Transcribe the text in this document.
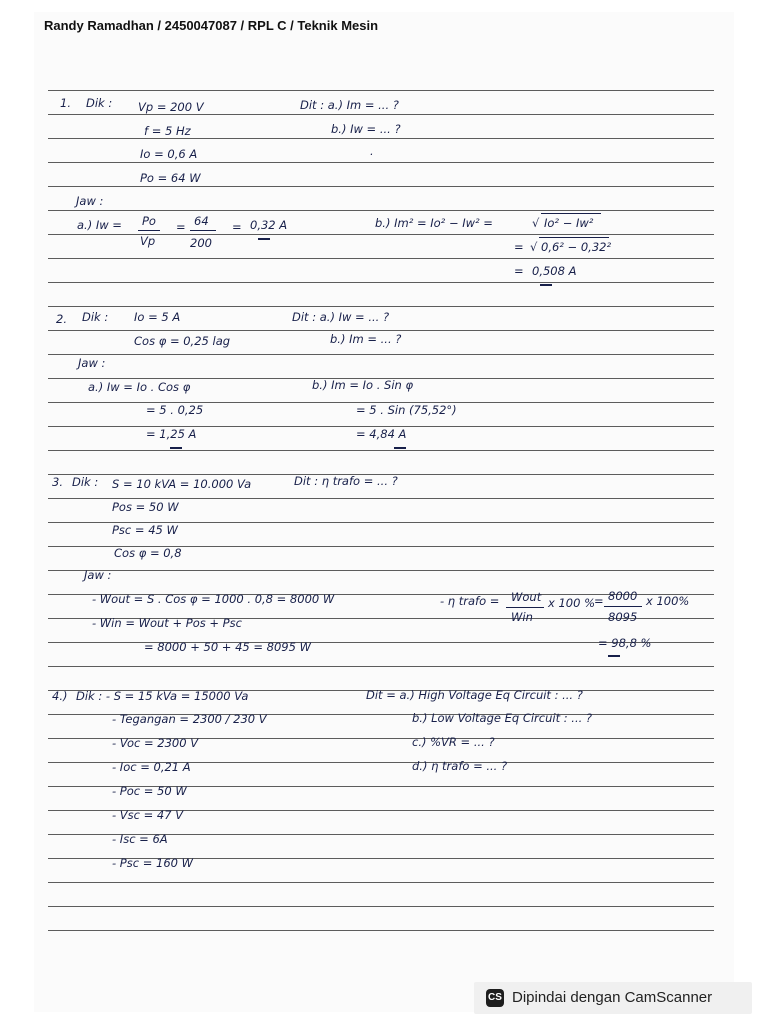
Randy Ramadhan / 2450047087 / RPL C / Teknik Mesin
1. Dik : Vp = 200 V
f = 5 Hz
Io = 0,6 A
Po = 64 W
Dit : a.) Im = ... ?
b.) Iw = ... ?
.
Jaw :
a.) Iw = Po
Vp
= 64
200
= 0,32 A	b.) Im² = Io² − Iw² =	√ Io² − Iw²
= √ 0,6² − 0,32²
= 0,508 A
2. Dik : Io = 5 A
Cos φ = 0,25 lag
Dit : a.) Iw = ... ?
b.) Im = ... ?
Jaw :
a.) Iw = Io . Cos φ
= 5 . 0,25
= 1,25 A
b.) Im = Io . Sin φ
= 5 . Sin (75,52°)
= 4,84 A
3. Dik : S = 10 kVA = 10.000 Va
Pos = 50 W
Psc = 45 W
Cos φ = 0,8
Dit : η trafo = ... ?
Jaw :
- Wout = S . Cos φ = 1000 . 0,8 = 8000 W
- Win = Wout + Pos + Psc
= 8000 + 50 + 45 = 8095 W
- η trafo = Wout
Win
x 100 % = 8000
8095
x 100%
= 98,8 %
4.) Dik : - S = 15 kVa = 15000 Va
- Tegangan = 2300 / 230 V
- Voc = 2300 V
- Ioc = 0,21 A
- Poc = 50 W
- Vsc = 47 V
- Isc = 6A
- Psc = 160 W
Dit = a.) High Voltage Eq Circuit : ... ?
b.) Low Voltage Eq Circuit : ... ?
c.) %VR = ... ?
d.) η trafo = ... ?
CS Dipindai dengan CamScanner
